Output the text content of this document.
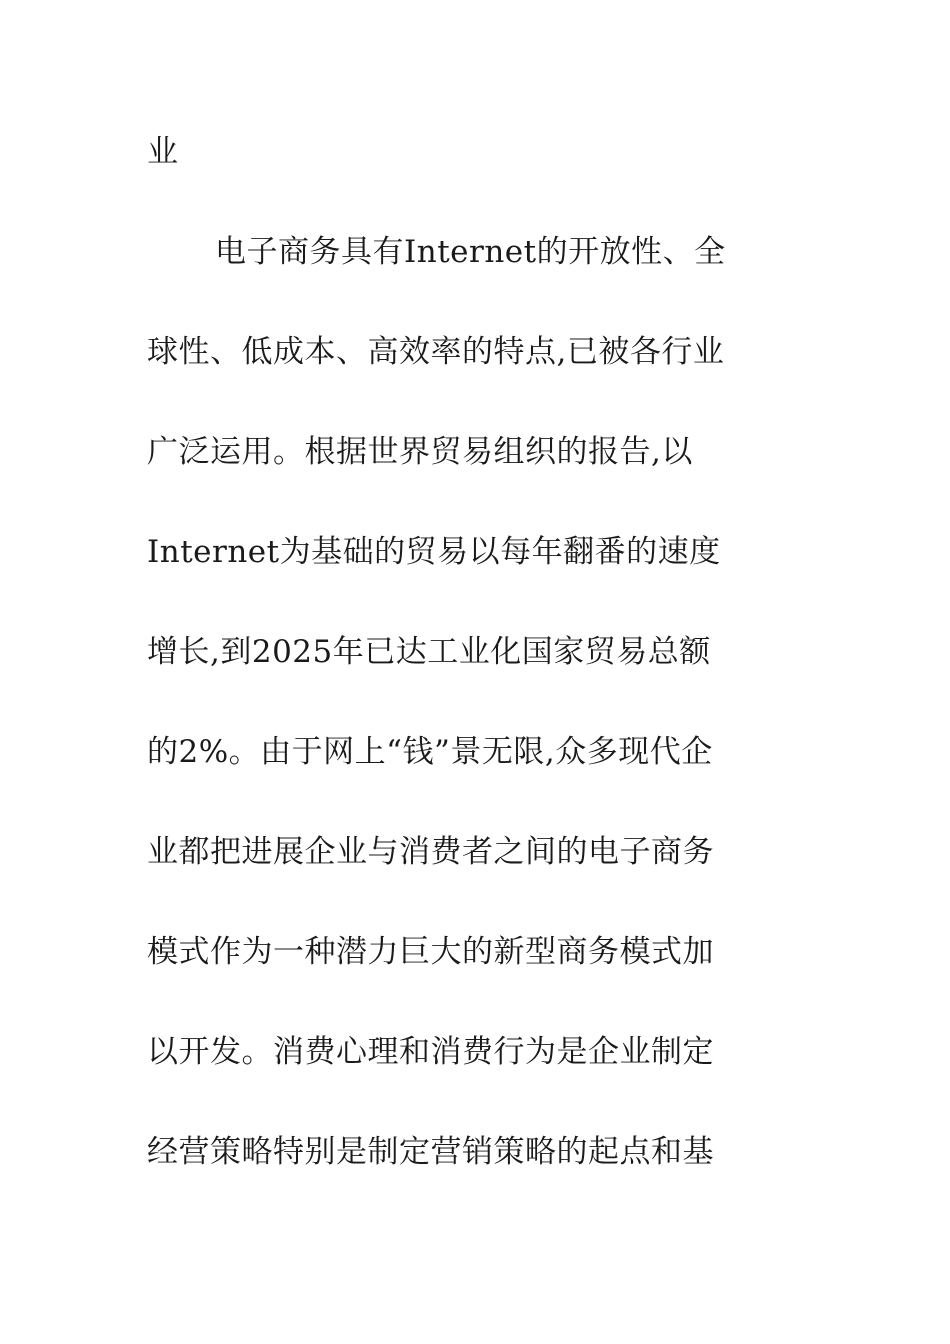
业
电子商务具有Internet的开放性、全
球性、低成本、高效率的特点,已被各行业
广泛运用。根据世界贸易组织的报告,以
Internet为基础的贸易以每年翻番的速度
增长,到2025年已达工业化国家贸易总额
的2%。由于网上“钱”景无限,众多现代企
业都把进展企业与消费者之间的电子商务
模式作为一种潜力巨大的新型商务模式加
以开发。消费心理和消费行为是企业制定
经营策略特别是制定营销策略的起点和基
